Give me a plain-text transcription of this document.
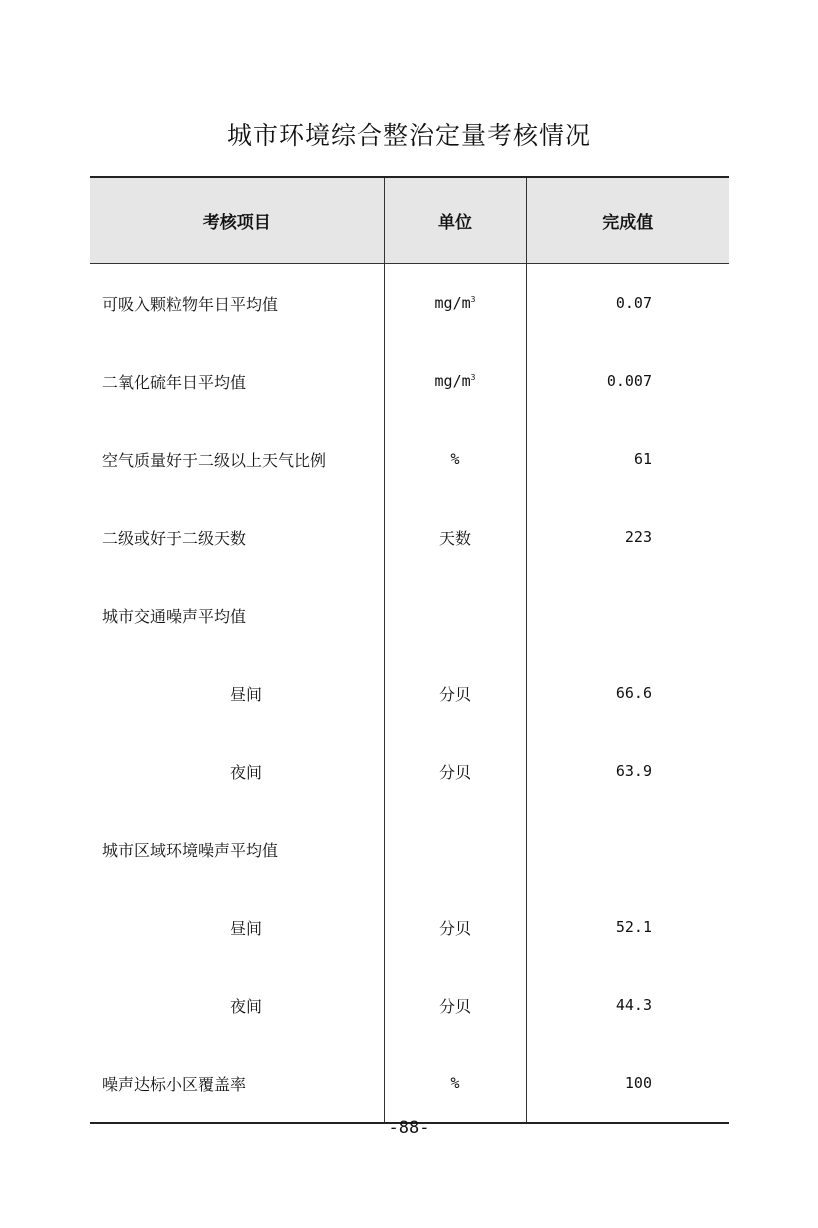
城市环境综合整治定量考核情况
考核项目	单位	完成值
可吸入颗粒物年日平均值	$mg/m^3$	0.07
二氧化硫年日平均值	$mg/m^3$	0.007
空气质量好于二级以上天气比例	%	61
二级或好于二级天数	天数	223
城市交通噪声平均值		
昼间	分贝	66.6
夜间	分贝	63.9
城市区域环境噪声平均值		
昼间	分贝	52.1
夜间	分贝	44.3
噪声达标小区覆盖率	%	100
-88-
